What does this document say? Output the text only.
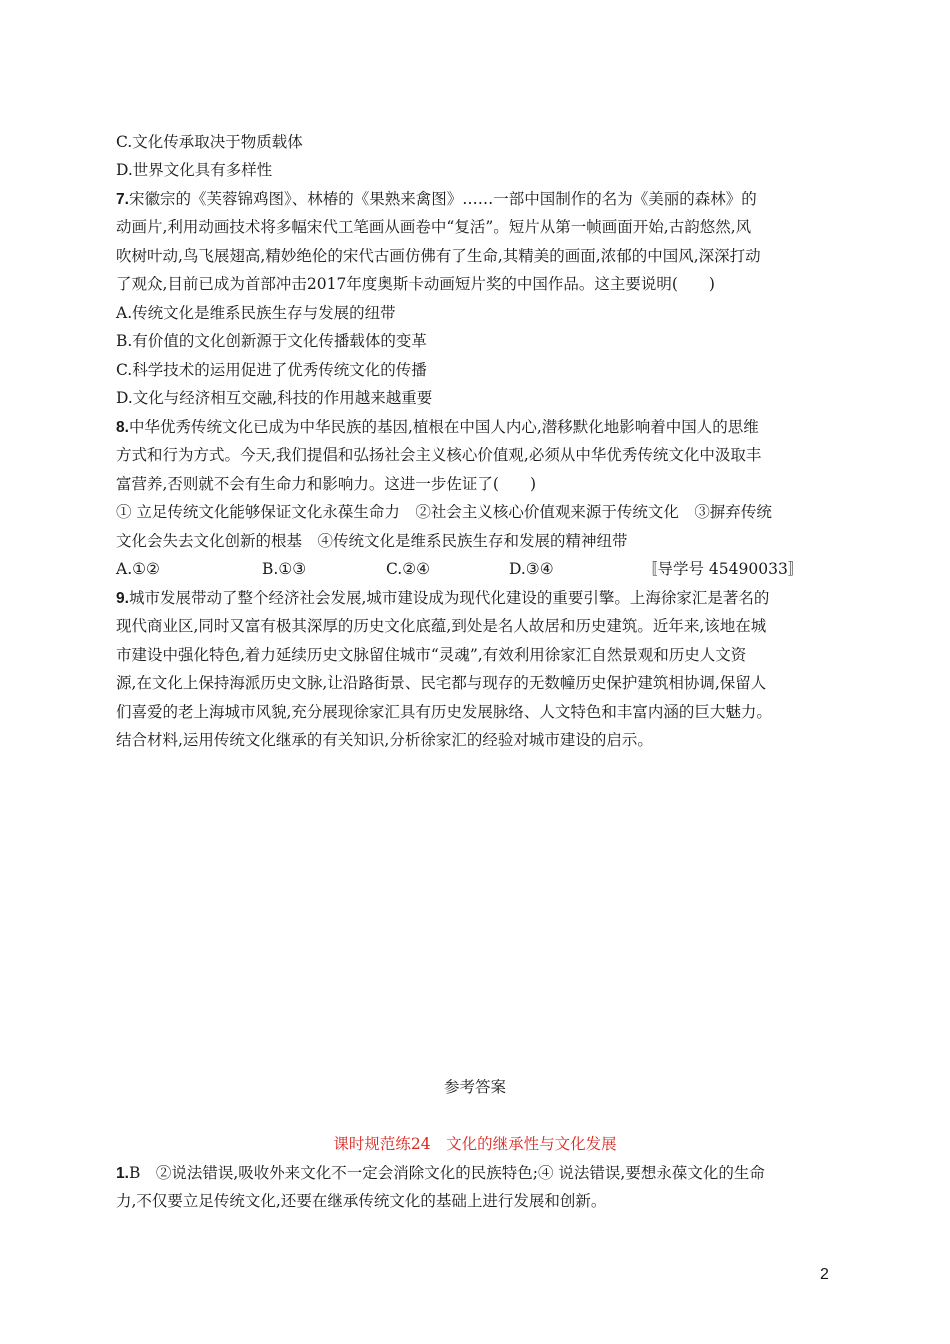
C.文化传承取决于物质载体
D.世界文化具有多样性
7.宋徽宗的《芙蓉锦鸡图》、林椿的《果熟来禽图》……一部中国制作的名为《美丽的森林》的
动画片,利用动画技术将多幅宋代工笔画从画卷中“复活”。短片从第一帧画面开始,古韵悠然,风
吹树叶动,鸟飞展翅高,精妙绝伦的宋代古画仿佛有了生命,其精美的画面,浓郁的中国风,深深打动
了观众,目前已成为首部冲击2017年度奥斯卡动画短片奖的中国作品。这主要说明(　　)
A.传统文化是维系民族生存与发展的纽带
B.有价值的文化创新源于文化传播载体的变革
C.科学技术的运用促进了优秀传统文化的传播
D.文化与经济相互交融,科技的作用越来越重要
8.中华优秀传统文化已成为中华民族的基因,植根在中国人内心,潜移默化地影响着中国人的思维
方式和行为方式。今天,我们提倡和弘扬社会主义核心价值观,必须从中华优秀传统文化中汲取丰
富营养,否则就不会有生命力和影响力。这进一步佐证了(　　)
① 立足传统文化能够保证文化永葆生命力　②社会主义核心价值观来源于传统文化　③摒弃传统
文化会失去文化创新的根基　④传统文化是维系民族生存和发展的精神纽带
A.①②	B.①③	C.②④	D.③④	〚导学号 45490033〛
9.城市发展带动了整个经济社会发展,城市建设成为现代化建设的重要引擎。上海徐家汇是著名的
现代商业区,同时又富有极其深厚的历史文化底蕴,到处是名人故居和历史建筑。近年来,该地在城
市建设中强化特色,着力延续历史文脉留住城市“灵魂”,有效利用徐家汇自然景观和历史人文资
源,在文化上保持海派历史文脉,让沿路街景、民宅都与现存的无数幢历史保护建筑相协调,保留人
们喜爱的老上海城市风貌,充分展现徐家汇具有历史发展脉络、人文特色和丰富内涵的巨大魅力。
结合材料,运用传统文化继承的有关知识,分析徐家汇的经验对城市建设的启示。
参考答案
课时规范练24　文化的继承性与文化发展
1.B　②说法错误,吸收外来文化不一定会消除文化的民族特色;④ 说法错误,要想永葆文化的生命
力,不仅要立足传统文化,还要在继承传统文化的基础上进行发展和创新。
2
